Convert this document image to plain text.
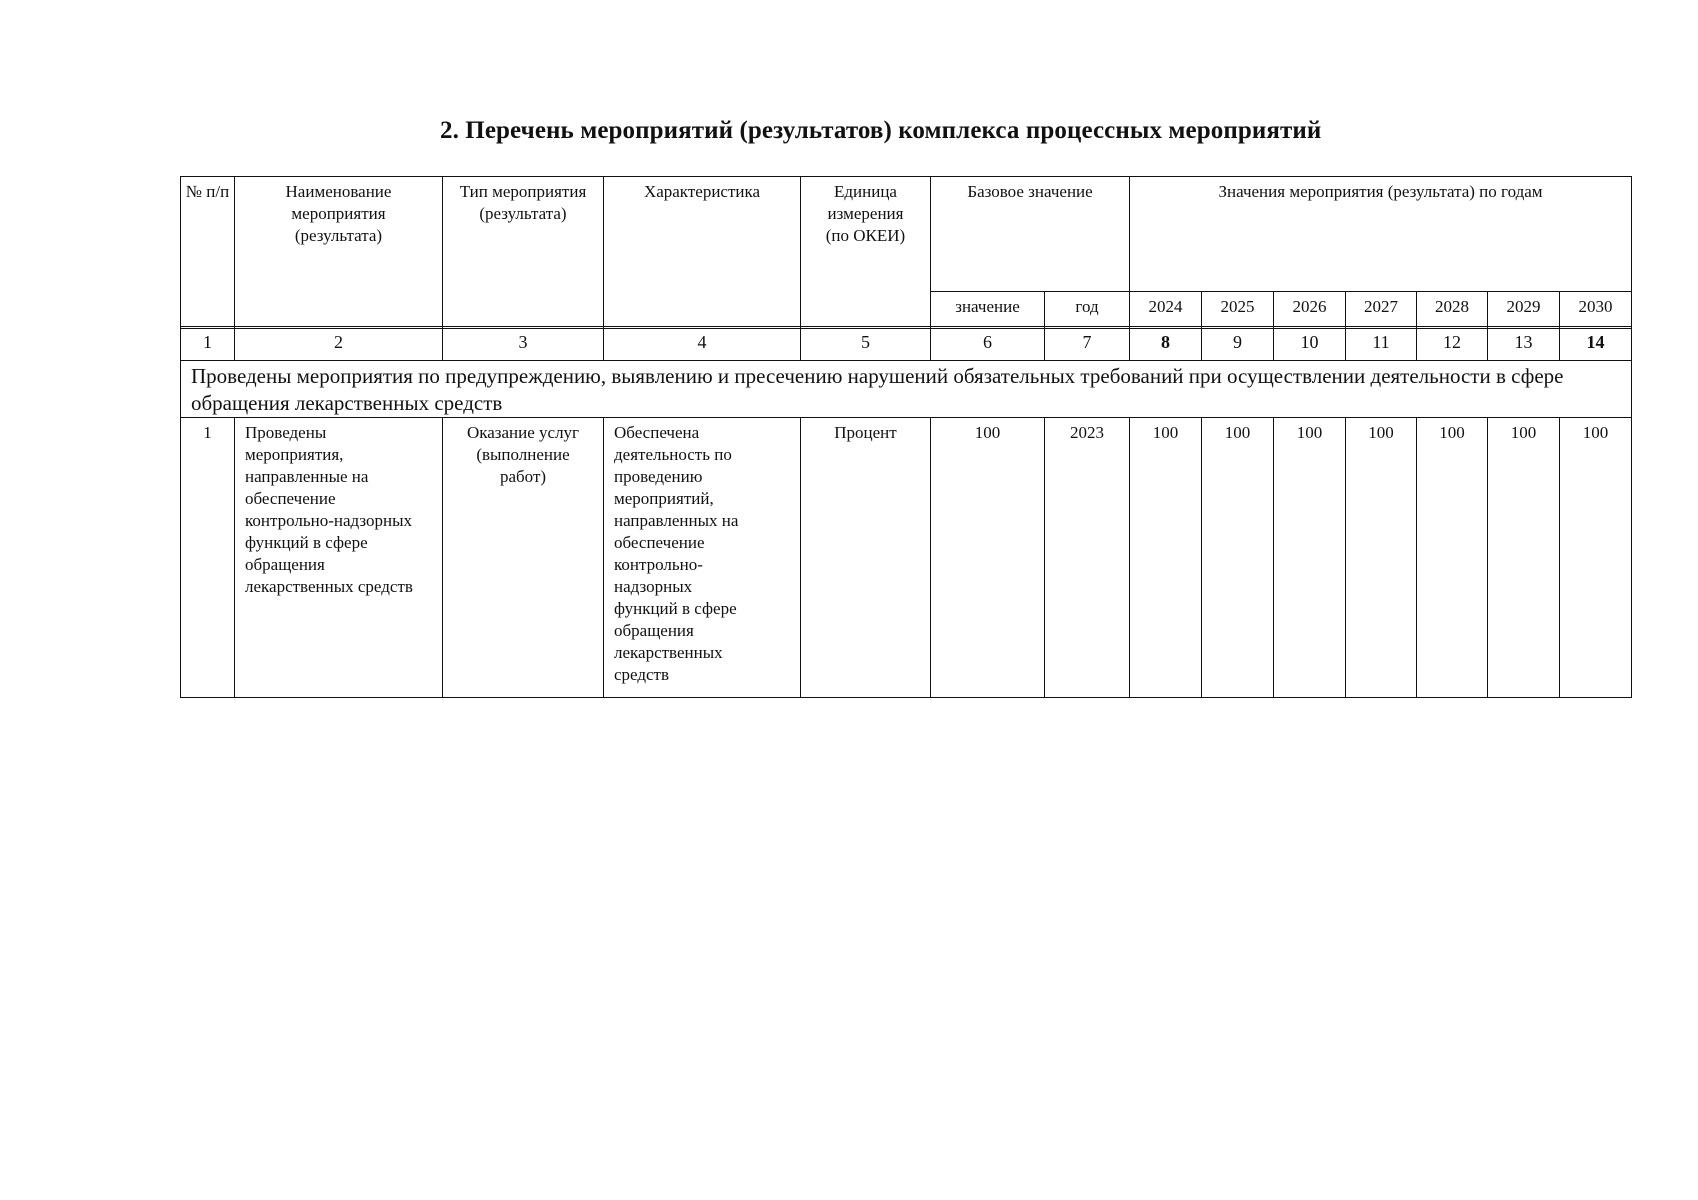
2. Перечень мероприятий (результатов) комплекса процессных мероприятий
№ п/п	Наименование мероприятия (результата)	Тип мероприятия (результата)	Характеристика	Единица измерения (по ОКЕИ)	Базовое значение		Значения мероприятия (результата) по годам						
					значение	год	2024	2025	2026	2027	2028	2029	2030
1	2	3	4	5	6	7	8	9	10	11	12	13	14
Проведены мероприятия по предупреждению, выявлению и пресечению нарушений обязательных требований при осуществлении деятельности в сфере обращения лекарственных средств													
1	Проведены мероприятия, направленные на обеспечение контрольно-надзорных функций в сфере обращения лекарственных средств	Оказание услуг (выполнение работ)	Обеспечена деятельность по проведению мероприятий, направленных на обеспечение контрольно-надзорных функций в сфере обращения лекарственных средств	Процент	100	2023	100	100	100	100	100	100	100
